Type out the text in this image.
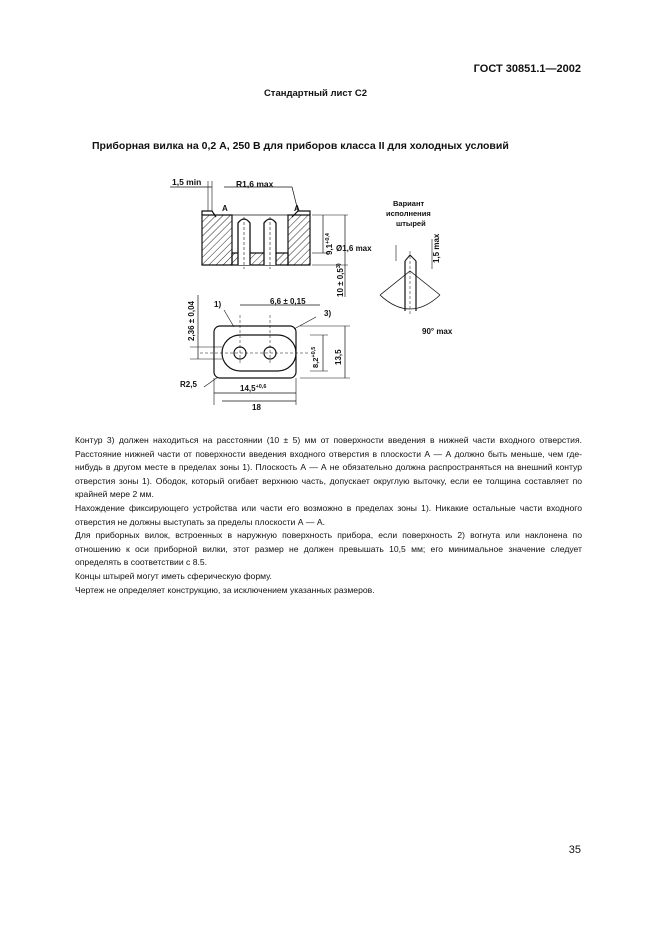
ГОСТ 30851.1—2002
Стандартный лист С2
Приборная вилка на 0,2 А, 250 В для приборов класса II для холодных условий
1,5 min	R1,6 max
A	A
$9,1^{+0,4}$
$10 \pm 0,5^{3)}$
Вариант
исполнения
штырей
Ø1,6 max	1,5 max
90° max
1)	6,6 ± 0,15
3)
2,36 ± 0,04
$8,2^{+0,5}$	13,5
R2,5	$14,5^{+0,6}$
18

Контур 3) должен находиться на расстоянии (10 ± 5) мм от поверхности введения в нижней части входного отверстия. Расстояние нижней части от поверхности введения входного отверстия в плоскости А — А должно быть меньше, чем где-нибудь в другом месте в пределах зоны 1). Плоскость А — А не обязательно должна распространяться на внешний контур отверстия зоны 1). Ободок, который огибает верхнюю часть, допускает округлую выточку, если ее толщина составляет по крайней мере 2 мм.

Нахождение фиксирующего устройства или части его возможно в пределах зоны 1). Никакие остальные части входного отверстия не должны выступать за пределы плоскости А — А.

Для приборных вилок, встроенных в наружную поверхность прибора, если поверхность 2) вогнута или наклонена по отношению к оси приборной вилки, этот размер не должен превышать 10,5 мм; его минимальное значение следует определять в соответствии с 8.5.

Концы штырей могут иметь сферическую форму.

Чертеж не определяет конструкцию, за исключением указанных размеров.

35
